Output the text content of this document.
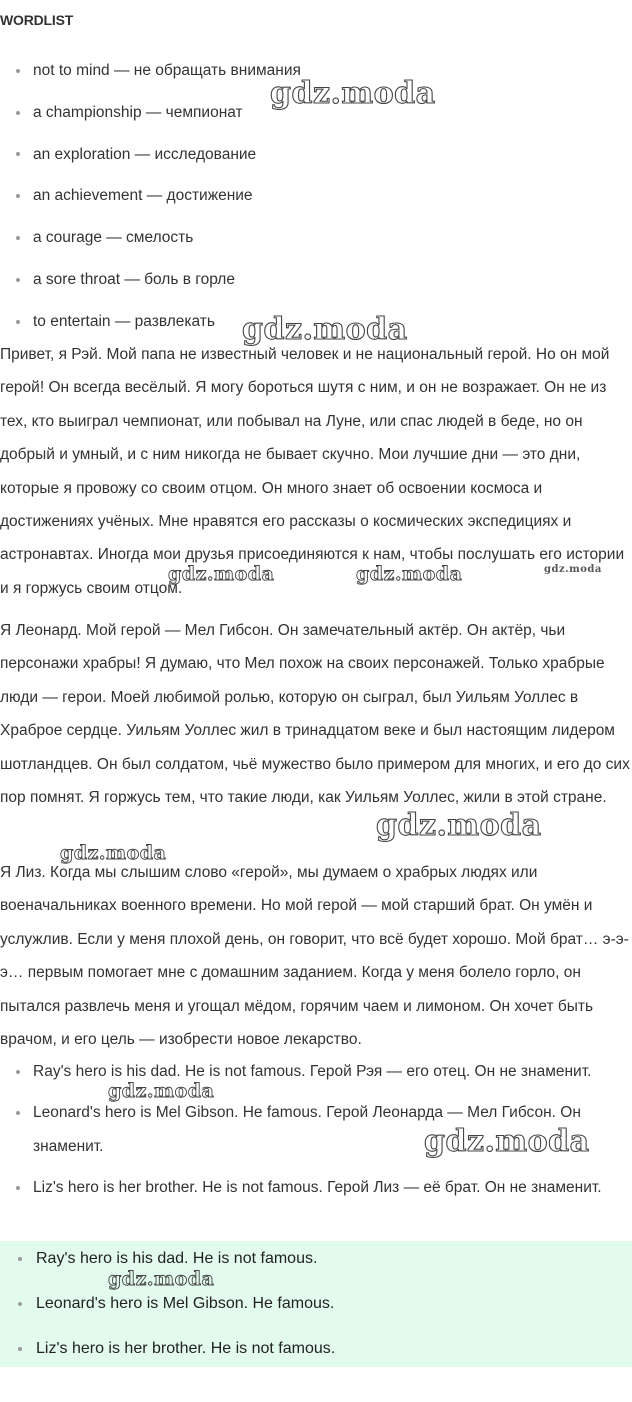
WORDLIST
not to mind — не обращать внимания
a championship — чемпионат
an exploration — исследование
an achievement — достижение
a courage — смелость
a sore throat — боль в горле
to entertain — развлекать

Привет, я Рэй. Мой папа не известный человек и не национальный герой. Но он мой герой! Он всегда весёлый. Я могу бороться шутя с ним, и он не возражает. Он не из тех, кто выиграл чемпионат, или побывал на Луне, или спас людей в беде, но он добрый и умный, и с ним никогда не бывает скучно. Мои лучшие дни — это дни, которые я провожу со своим отцом. Он много знает об освоении космоса и достижениях учёных. Мне нравятся его рассказы о космических экспедициях и астронавтах. Иногда мои друзья присоединяются к нам, чтобы послушать его истории и я горжусь своим отцом.

Я Леонард. Мой герой — Мел Гибсон. Он замечательный актёр. Он актёр, чьи персонажи храбры! Я думаю, что Мел похож на своих персонажей. Только храбрые люди — герои. Моей любимой ролью, которую он сыграл, был Уильям Уоллес в Храброе сердце. Уильям Уоллес жил в тринадцатом веке и был настоящим лидером шотландцев. Он был солдатом, чьё мужество было примером для многих, и его до сих пор помнят. Я горжусь тем, что такие люди, как Уильям Уоллес, жили в этой стране.

Я Лиз. Когда мы слышим слово «герой», мы думаем о храбрых людях или военачальниках военного времени. Но мой герой — мой старший брат. Он умён и услужлив. Если у меня плохой день, он говорит, что всё будет хорошо. Мой брат… э-э-э… первым помогает мне с домашним заданием. Когда у меня болело горло, он пытался развлечь меня и угощал мёдом, горячим чаем и лимоном. Он хочет быть врачом, и его цель — изобрести новое лекарство.

Ray's hero is his dad. He is not famous. Герой Рэя — его отец. Он не знаменит.
Leonard's hero is Mel Gibson. He famous. Герой Леонарда — Мел Гибсон. Он знаменит.
Liz's hero is her brother. He is not famous. Герой Лиз — её брат. Он не знаменит.
Ray's hero is his dad. He is not famous.
Leonard's hero is Mel Gibson. He famous.
Liz's hero is her brother. He is not famous.
gdz.moda
gdz.moda
gdz.moda	gdz.moda	gdz.moda
gdz.moda
gdz.moda
gdz.moda
gdz.moda
